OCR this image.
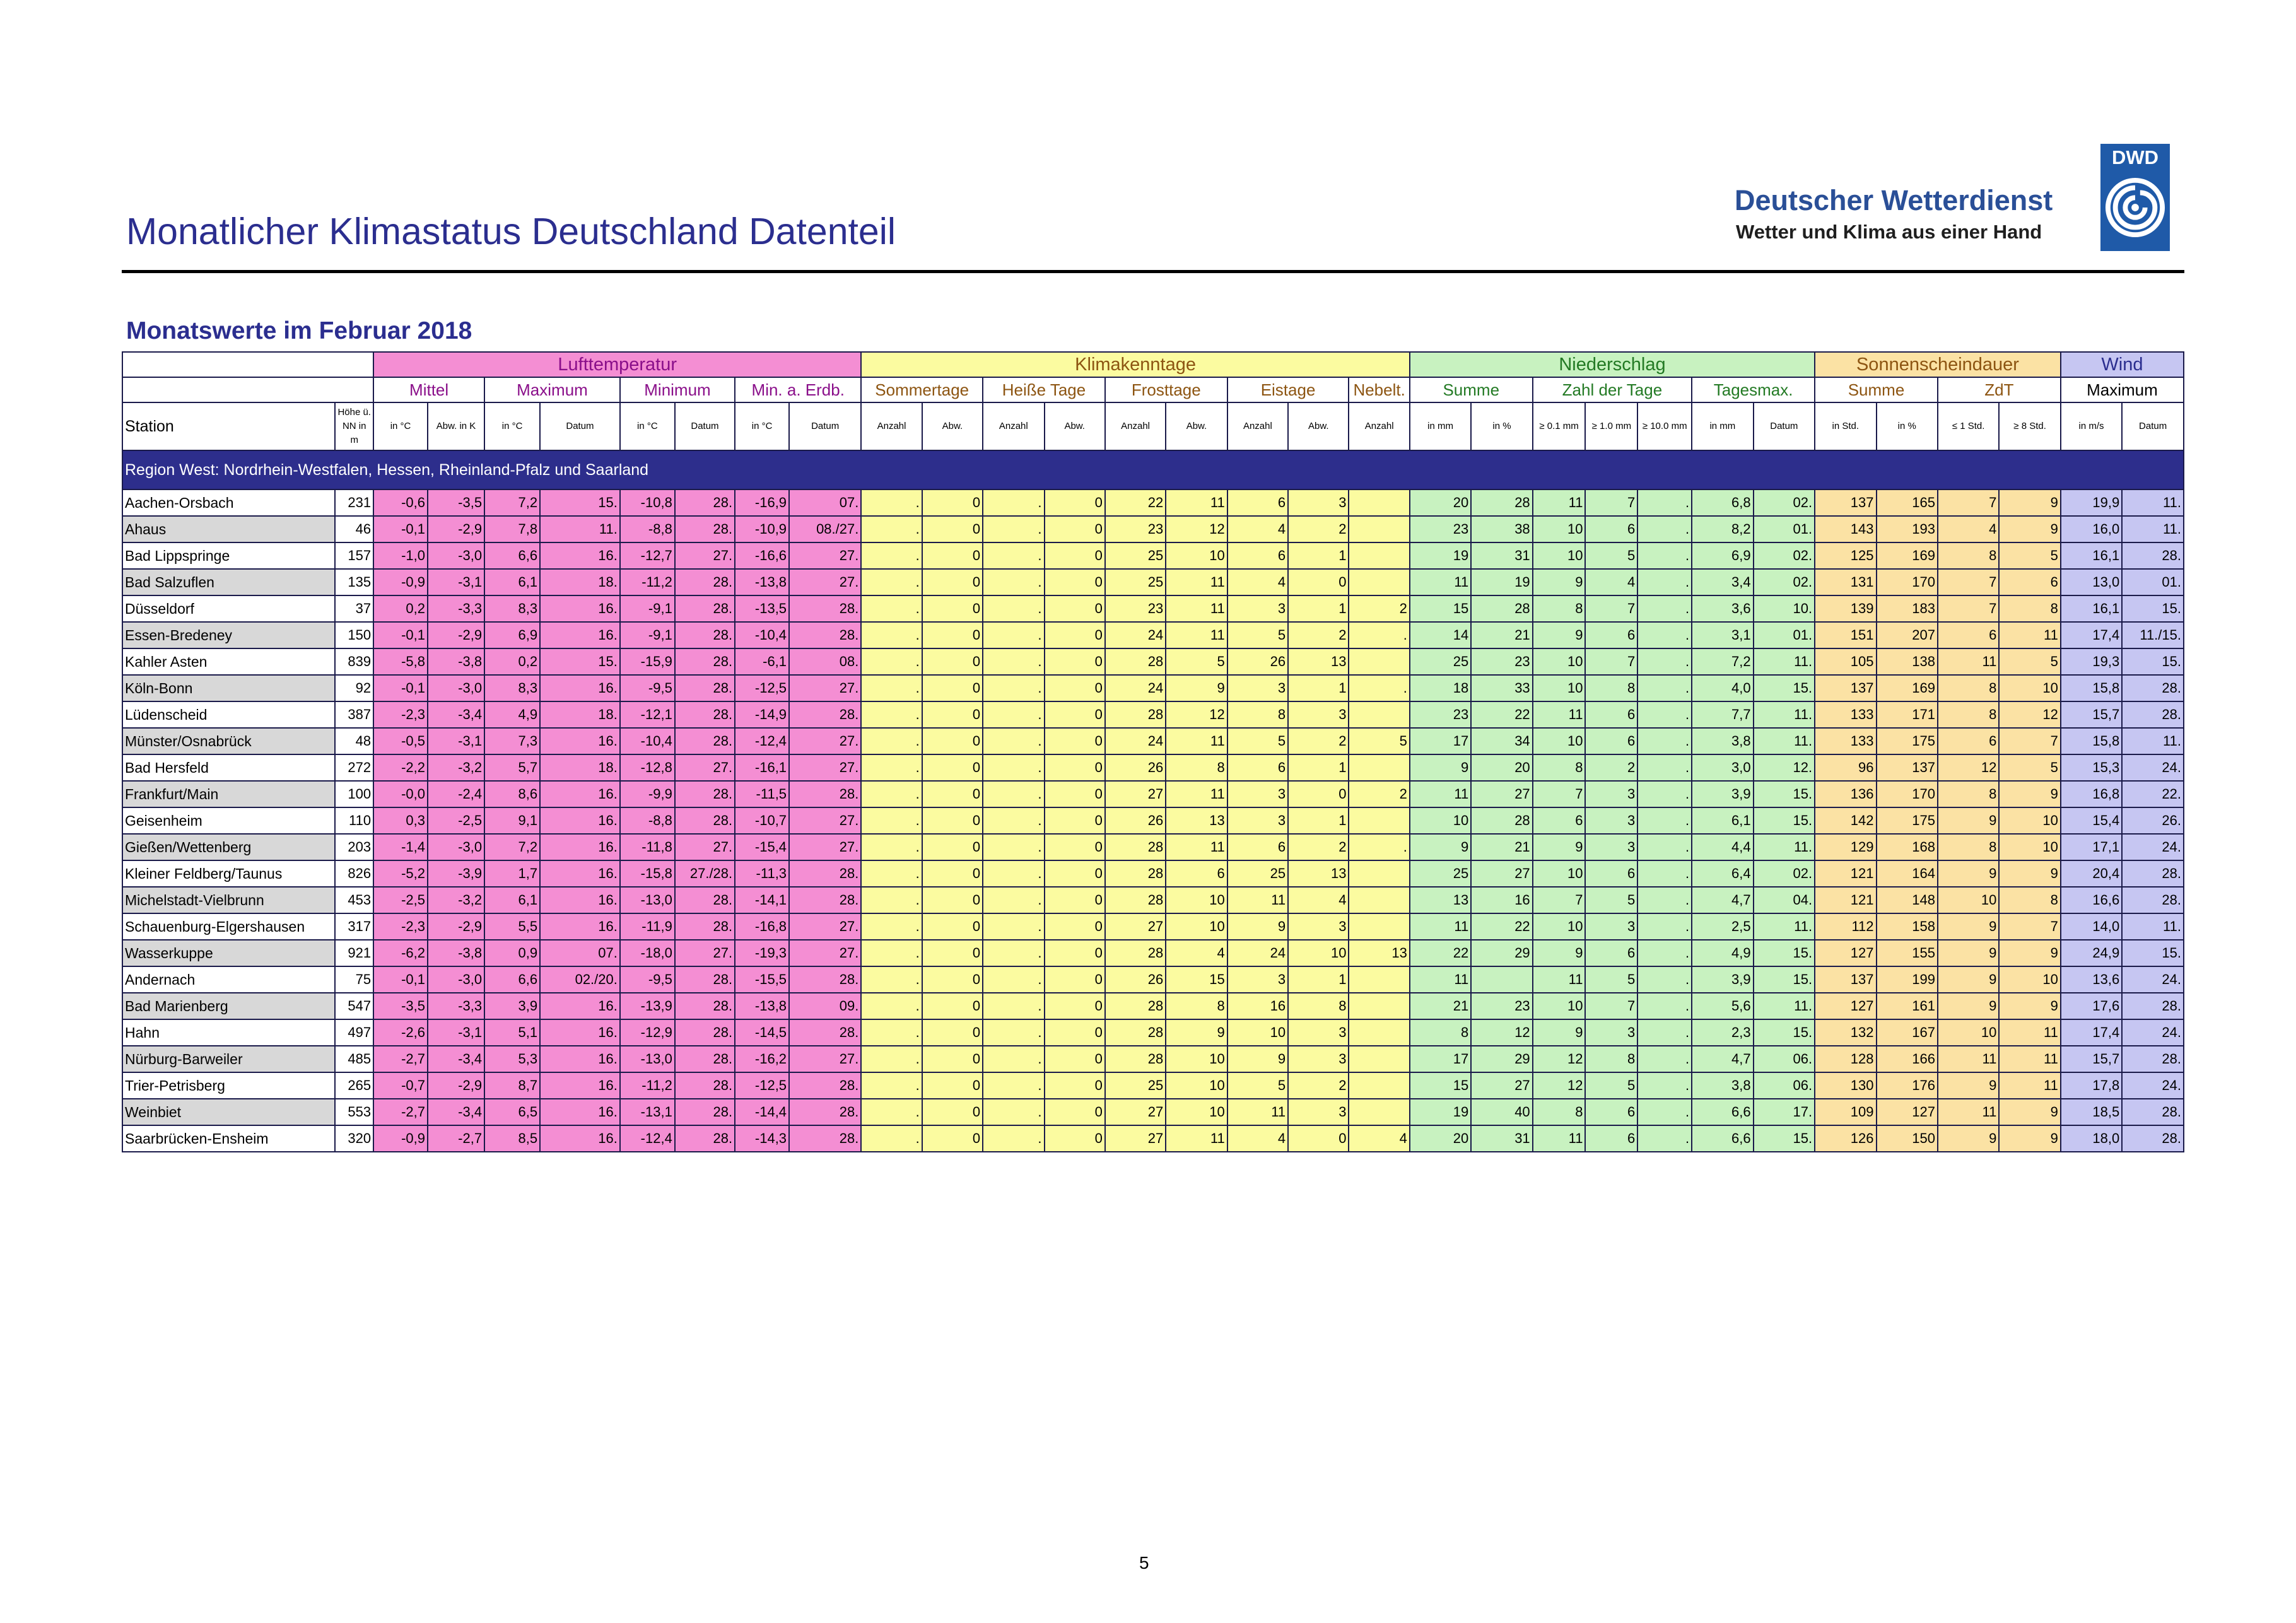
Monatlicher Klimastatus Deutschland Datenteil
Deutscher Wetterdienst
Wetter und Klima aus einer Hand
DWD
Monatswerte im Februar 2018
		Lufttemperatur								Klimakenntage									Niederschlag							Sonnenscheindauer				Wind	
		Mittel		Maximum		Minimum		Min. a. Erdb.		Sommertage		Heiße Tage		Frosttage		Eistage		Nebelt.	Summe		Zahl der Tage			Tagesmax.		Summe		ZdT		Maximum	
Station	Höhe ü. NN in m	in °C	Abw. in K	in °C	Datum	in °C	Datum	in °C	Datum	Anzahl	Abw.	Anzahl	Abw.	Anzahl	Abw.	Anzahl	Abw.	Anzahl	in mm	in %	≥ 0.1 mm	≥ 1.0 mm	≥ 10.0 mm	in mm	Datum	in Std.	in %	≤ 1 Std.	≥ 8 Std.	in m/s	Datum
Region West: Nordrhein-Westfalen, Hessen, Rheinland-Pfalz und Saarland																															
Aachen-Orsbach	231	-0,6	-3,5	7,2	15.	-10,8	28.	-16,9	07.	.	0	.	0	22	11	6	3		20	28	11	7	.	6,8	02.	137	165	7	9	19,9	11.
Ahaus	46	-0,1	-2,9	7,8	11.	-8,8	28.	-10,9	08./27.	.	0	.	0	23	12	4	2		23	38	10	6	.	8,2	01.	143	193	4	9	16,0	11.
Bad Lippspringe	157	-1,0	-3,0	6,6	16.	-12,7	27.	-16,6	27.	.	0	.	0	25	10	6	1		19	31	10	5	.	6,9	02.	125	169	8	5	16,1	28.
Bad Salzuflen	135	-0,9	-3,1	6,1	18.	-11,2	28.	-13,8	27.	.	0	.	0	25	11	4	0		11	19	9	4	.	3,4	02.	131	170	7	6	13,0	01.
Düsseldorf	37	0,2	-3,3	8,3	16.	-9,1	28.	-13,5	28.	.	0	.	0	23	11	3	1	2	15	28	8	7	.	3,6	10.	139	183	7	8	16,1	15.
Essen-Bredeney	150	-0,1	-2,9	6,9	16.	-9,1	28.	-10,4	28.	.	0	.	0	24	11	5	2	.	14	21	9	6	.	3,1	01.	151	207	6	11	17,4	11./15.
Kahler Asten	839	-5,8	-3,8	0,2	15.	-15,9	28.	-6,1	08.	.	0	.	0	28	5	26	13		25	23	10	7	.	7,2	11.	105	138	11	5	19,3	15.
Köln-Bonn	92	-0,1	-3,0	8,3	16.	-9,5	28.	-12,5	27.	.	0	.	0	24	9	3	1	.	18	33	10	8	.	4,0	15.	137	169	8	10	15,8	28.
Lüdenscheid	387	-2,3	-3,4	4,9	18.	-12,1	28.	-14,9	28.	.	0	.	0	28	12	8	3		23	22	11	6	.	7,7	11.	133	171	8	12	15,7	28.
Münster/Osnabrück	48	-0,5	-3,1	7,3	16.	-10,4	28.	-12,4	27.	.	0	.	0	24	11	5	2	5	17	34	10	6	.	3,8	11.	133	175	6	7	15,8	11.
Bad Hersfeld	272	-2,2	-3,2	5,7	18.	-12,8	27.	-16,1	27.	.	0	.	0	26	8	6	1		9	20	8	2	.	3,0	12.	96	137	12	5	15,3	24.
Frankfurt/Main	100	-0,0	-2,4	8,6	16.	-9,9	28.	-11,5	28.	.	0	.	0	27	11	3	0	2	11	27	7	3	.	3,9	15.	136	170	8	9	16,8	22.
Geisenheim	110	0,3	-2,5	9,1	16.	-8,8	28.	-10,7	27.	.	0	.	0	26	13	3	1		10	28	6	3	.	6,1	15.	142	175	9	10	15,4	26.
Gießen/Wettenberg	203	-1,4	-3,0	7,2	16.	-11,8	27.	-15,4	27.	.	0	.	0	28	11	6	2	.	9	21	9	3	.	4,4	11.	129	168	8	10	17,1	24.
Kleiner Feldberg/Taunus	826	-5,2	-3,9	1,7	16.	-15,8	27./28.	-11,3	28.	.	0	.	0	28	6	25	13		25	27	10	6	.	6,4	02.	121	164	9	9	20,4	28.
Michelstadt-Vielbrunn	453	-2,5	-3,2	6,1	16.	-13,0	28.	-14,1	28.	.	0	.	0	28	10	11	4		13	16	7	5	.	4,7	04.	121	148	10	8	16,6	28.
Schauenburg-Elgershausen	317	-2,3	-2,9	5,5	16.	-11,9	28.	-16,8	27.	.	0	.	0	27	10	9	3		11	22	10	3	.	2,5	11.	112	158	9	7	14,0	11.
Wasserkuppe	921	-6,2	-3,8	0,9	07.	-18,0	27.	-19,3	27.	.	0	.	0	28	4	24	10	13	22	29	9	6	.	4,9	15.	127	155	9	9	24,9	15.
Andernach	75	-0,1	-3,0	6,6	02./20.	-9,5	28.	-15,5	28.	.	0	.	0	26	15	3	1		11		11	5	.	3,9	15.	137	199	9	10	13,6	24.
Bad Marienberg	547	-3,5	-3,3	3,9	16.	-13,9	28.	-13,8	09.	.	0	.	0	28	8	16	8		21	23	10	7	.	5,6	11.	127	161	9	9	17,6	28.
Hahn	497	-2,6	-3,1	5,1	16.	-12,9	28.	-14,5	28.	.	0	.	0	28	9	10	3		8	12	9	3	.	2,3	15.	132	167	10	11	17,4	24.
Nürburg-Barweiler	485	-2,7	-3,4	5,3	16.	-13,0	28.	-16,2	27.	.	0	.	0	28	10	9	3		17	29	12	8	.	4,7	06.	128	166	11	11	15,7	28.
Trier-Petrisberg	265	-0,7	-2,9	8,7	16.	-11,2	28.	-12,5	28.	.	0	.	0	25	10	5	2		15	27	12	5	.	3,8	06.	130	176	9	11	17,8	24.
Weinbiet	553	-2,7	-3,4	6,5	16.	-13,1	28.	-14,4	28.	.	0	.	0	27	10	11	3		19	40	8	6	.	6,6	17.	109	127	11	9	18,5	28.
Saarbrücken-Ensheim	320	-0,9	-2,7	8,5	16.	-12,4	28.	-14,3	28.	.	0	.	0	27	11	4	0	4	20	31	11	6	.	6,6	15.	126	150	9	9	18,0	28.
5
